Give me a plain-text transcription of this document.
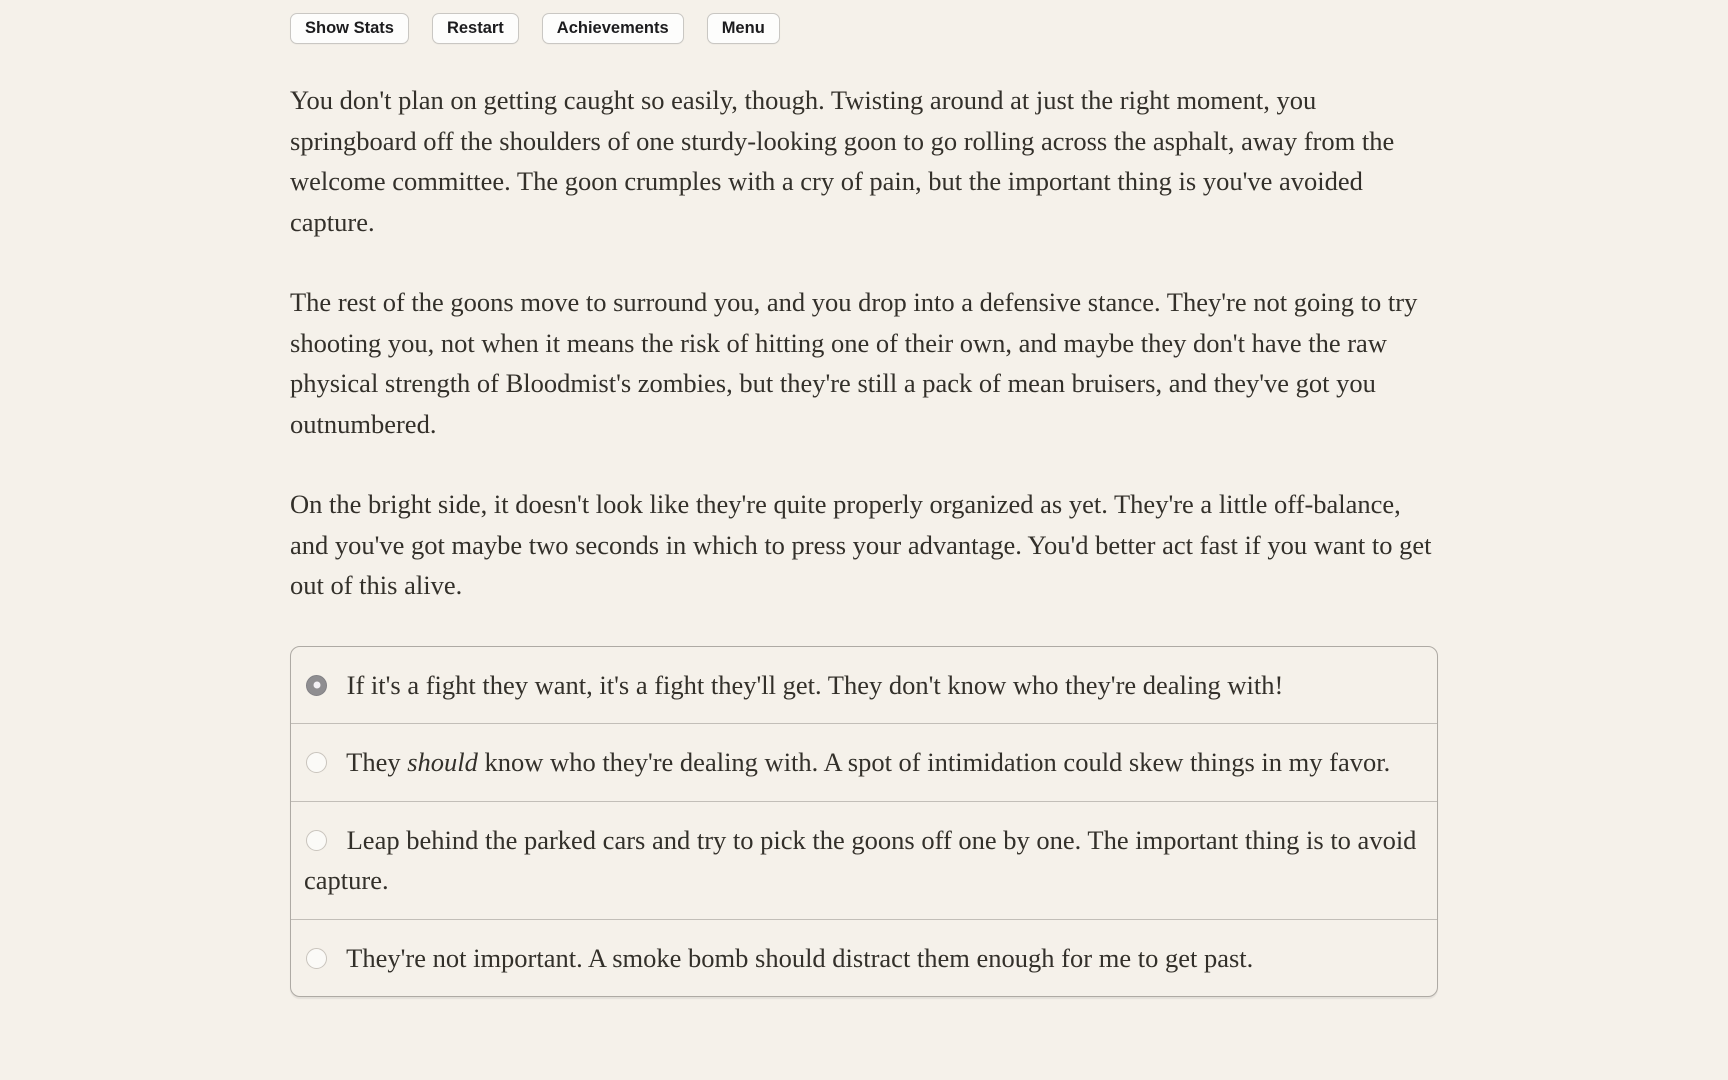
Show Stats	Restart	Achievements	Menu

You don't plan on getting caught so easily, though. Twisting around at just the right moment, you springboard off the shoulders of one sturdy-looking goon to go rolling across the asphalt, away from the welcome committee. The goon crumples with a cry of pain, but the important thing is you've avoided capture.

The rest of the goons move to surround you, and you drop into a defensive stance. They're not going to try shooting you, not when it means the risk of hitting one of their own, and maybe they don't have the raw physical strength of Bloodmist's zombies, but they're still a pack of mean bruisers, and they've got you outnumbered.

On the bright side, it doesn't look like they're quite properly organized as yet. They're a little off-balance, and you've got maybe two seconds in which to press your advantage. You'd better act fast if you want to get out of this alive.

If it's a fight they want, it's a fight they'll get. They don't know who they're dealing with!
They should know who they're dealing with. A spot of intimidation could skew things in my favor.
Leap behind the parked cars and try to pick the goons off one by one. The important thing is to avoid capture.
They're not important. A smoke bomb should distract them enough for me to get past.
